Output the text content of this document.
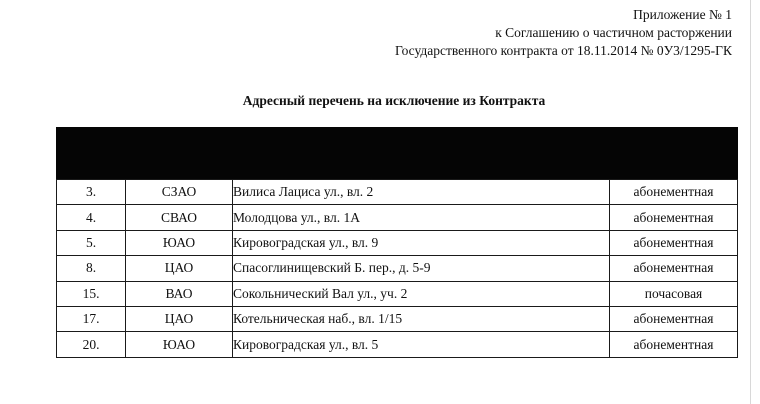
Приложение № 1
к Соглашению о частичном расторжении
Государственного контракта от 18.11.2014 № 0У3/1295-ГК
Адресный перечень на исключение из Контракта
3.	СЗАО	Вилиса Лациса ул., вл. 2	абонементная
4.	СВАО	Молодцова ул., вл. 1А	абонементная
5.	ЮАО	Кировоградская ул., вл. 9	абонементная
8.	ЦАО	Спасоглинищевский Б. пер., д. 5-9	абонементная
15.	ВАО	Сокольнический Вал ул., уч. 2	почасовая
17.	ЦАО	Котельническая наб., вл. 1/15	абонементная
20.	ЮАО	Кировоградская ул., вл. 5	абонементная
